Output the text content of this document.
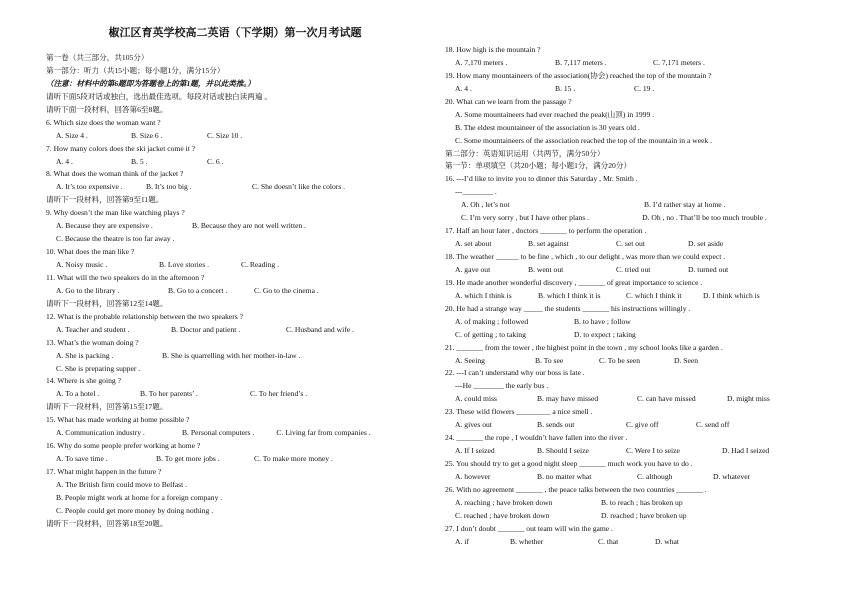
椒江区育英学校高二英语（下学期）第一次月考试题
第一卷（共三部分，共105分）
第一部分：听力（共15小题；每小题1分，满分15分）
（注意：材料中的第6题即为答题卷上的第1题，并以此类推。）
请听下面5段对话或独白，选出最佳选项。每段对话或独白读两遍 。
请听下面一段材料，回答第6至8题。
6. Which size does the woman want ?
A. Size 4 .	B. Size 6 .	C. Size 10 .
7. How many colors does the ski jacket come it ?
A. 4 .	B. 5 .	C. 6 .
8. What does the woman think of the jacket ?
A. It’s too expensive .	B. It’s too big .	C. She doesn’t like the colors .
请听下一段材料，回答第9至11题。
9. Why doesn’t the man like watching plays ?
A. Because they are expensive .	B. Because they are not well written .
C. Because the theatre is too far away .
10. What does the man like ?
A. Noisy music .	B. Love stories .	C. Reading .
11. What will the two speakers do in the afternoon ?
A. Go to the library .	B. Go to a concert .	C. Go to the cinema .
请听下一段材料，回答第12至14题。
12. What is the probable relationship between the two speakers ?
A. Teacher and student .	B. Doctor and patient .	C. Husband and wife .
13. What’s the woman doing ?
A. She is packing .	B. She is quarrelling with her mother-in-law .
C. She is preparing supper .
14. Where is she going ?
A. To a hotel .	B. To her parents’ .	C. To her friend’s .
请听下一段材料，回答第15至17题。
15. What has made working at home possible ?
A. Communication industry .	B. Personal computers .	C. Living far from companies .
16. Why do some people prefer working at home ?
A. To save time .	B. To get more jobs .	C. To make more money .
17. What might happen in the future ?
A. The British firm could move to Belfast .
B. People might work at home for a foreign company .
C. People could get more money by doing nothing .
请听下一段材料，回答第18至20题。
18. How high is the mountain ?
A. 7,170 meters .	B. 7,117 meters .	C. 7,171 meters .
19. How many mountaineers of the association(协会) reached the top of the mountain ?
A. 4 .	B. 15 .	C. 19 .
20. What can we learn from the passage ?
A. Some mountaineers had ever reached the peak(山顶) in 1999 .
B. The eldest mountaineer of the association is 30 years old .
C. Some mountaineers of the association reached the top of the mountain in a week .
第二部分：英语知识运用（共两节，满分50分）
第一节：单项填空（共20小题；每小题1分，满分20分）
16. ---I’d like to invite you to dinner this Saturday , Mr. Smith .
---________ .
A. Oh , let’s not	B. I’d rather stay at home .
C. I’m very sorry , but I have other plans .	D. Oh , no . That’ll be too much trouble .
17. Half an hour later , doctors _______ to perform the operation .
A. set about	B. set against	C. set out	D. set aside
18. The weather ______ to be fine , which , to our delight , was more than we could expect .
A. gave out	B. went out	C. tried out	D. turned out
19. He made another wonderful discovery , _______ of great importance to science .
A. which I think is	B. which I think it is	C. which I think it	D. I think which is
20. He had a strange way _____ the students _______ his instructions willingly .
A. of making ; followed	B. to have ; follow
C. of getting ; to taking	D. to expect ; taking
21. _______ from the tower , the highest point in the town , my school looks like a garden .
A. Seeing	B. To see	C. To be seen	D. Seen
22. ---I can’t understand why our boss is late .
---He ________ the early bus .
A. could miss	B. may have missed	C. can have missed	D. might miss
23. These wild flowers _________ a nice smell .
A. gives out	B. sends out	C. give off	C. send off
24. _______ the rope , I wouldn’t have fallen into the river .
A. If I seized	B. Should I seize	C. Were I to seize	D. Had I seized
25. You should try to get a good night sleep _______ much work you have to do .
A. however	B. no matter what	C. although	D. whatever
26. With no agreement _______ , the peace talks between the two countries _______ .
A. reaching ; have broken down	B. to reach ; has broken up
C. reached ; have broken down	D. reached ; have broken up
27. I don’t doubt _______ out team will win the game .
A. if	B. whether	C. that	D. what
